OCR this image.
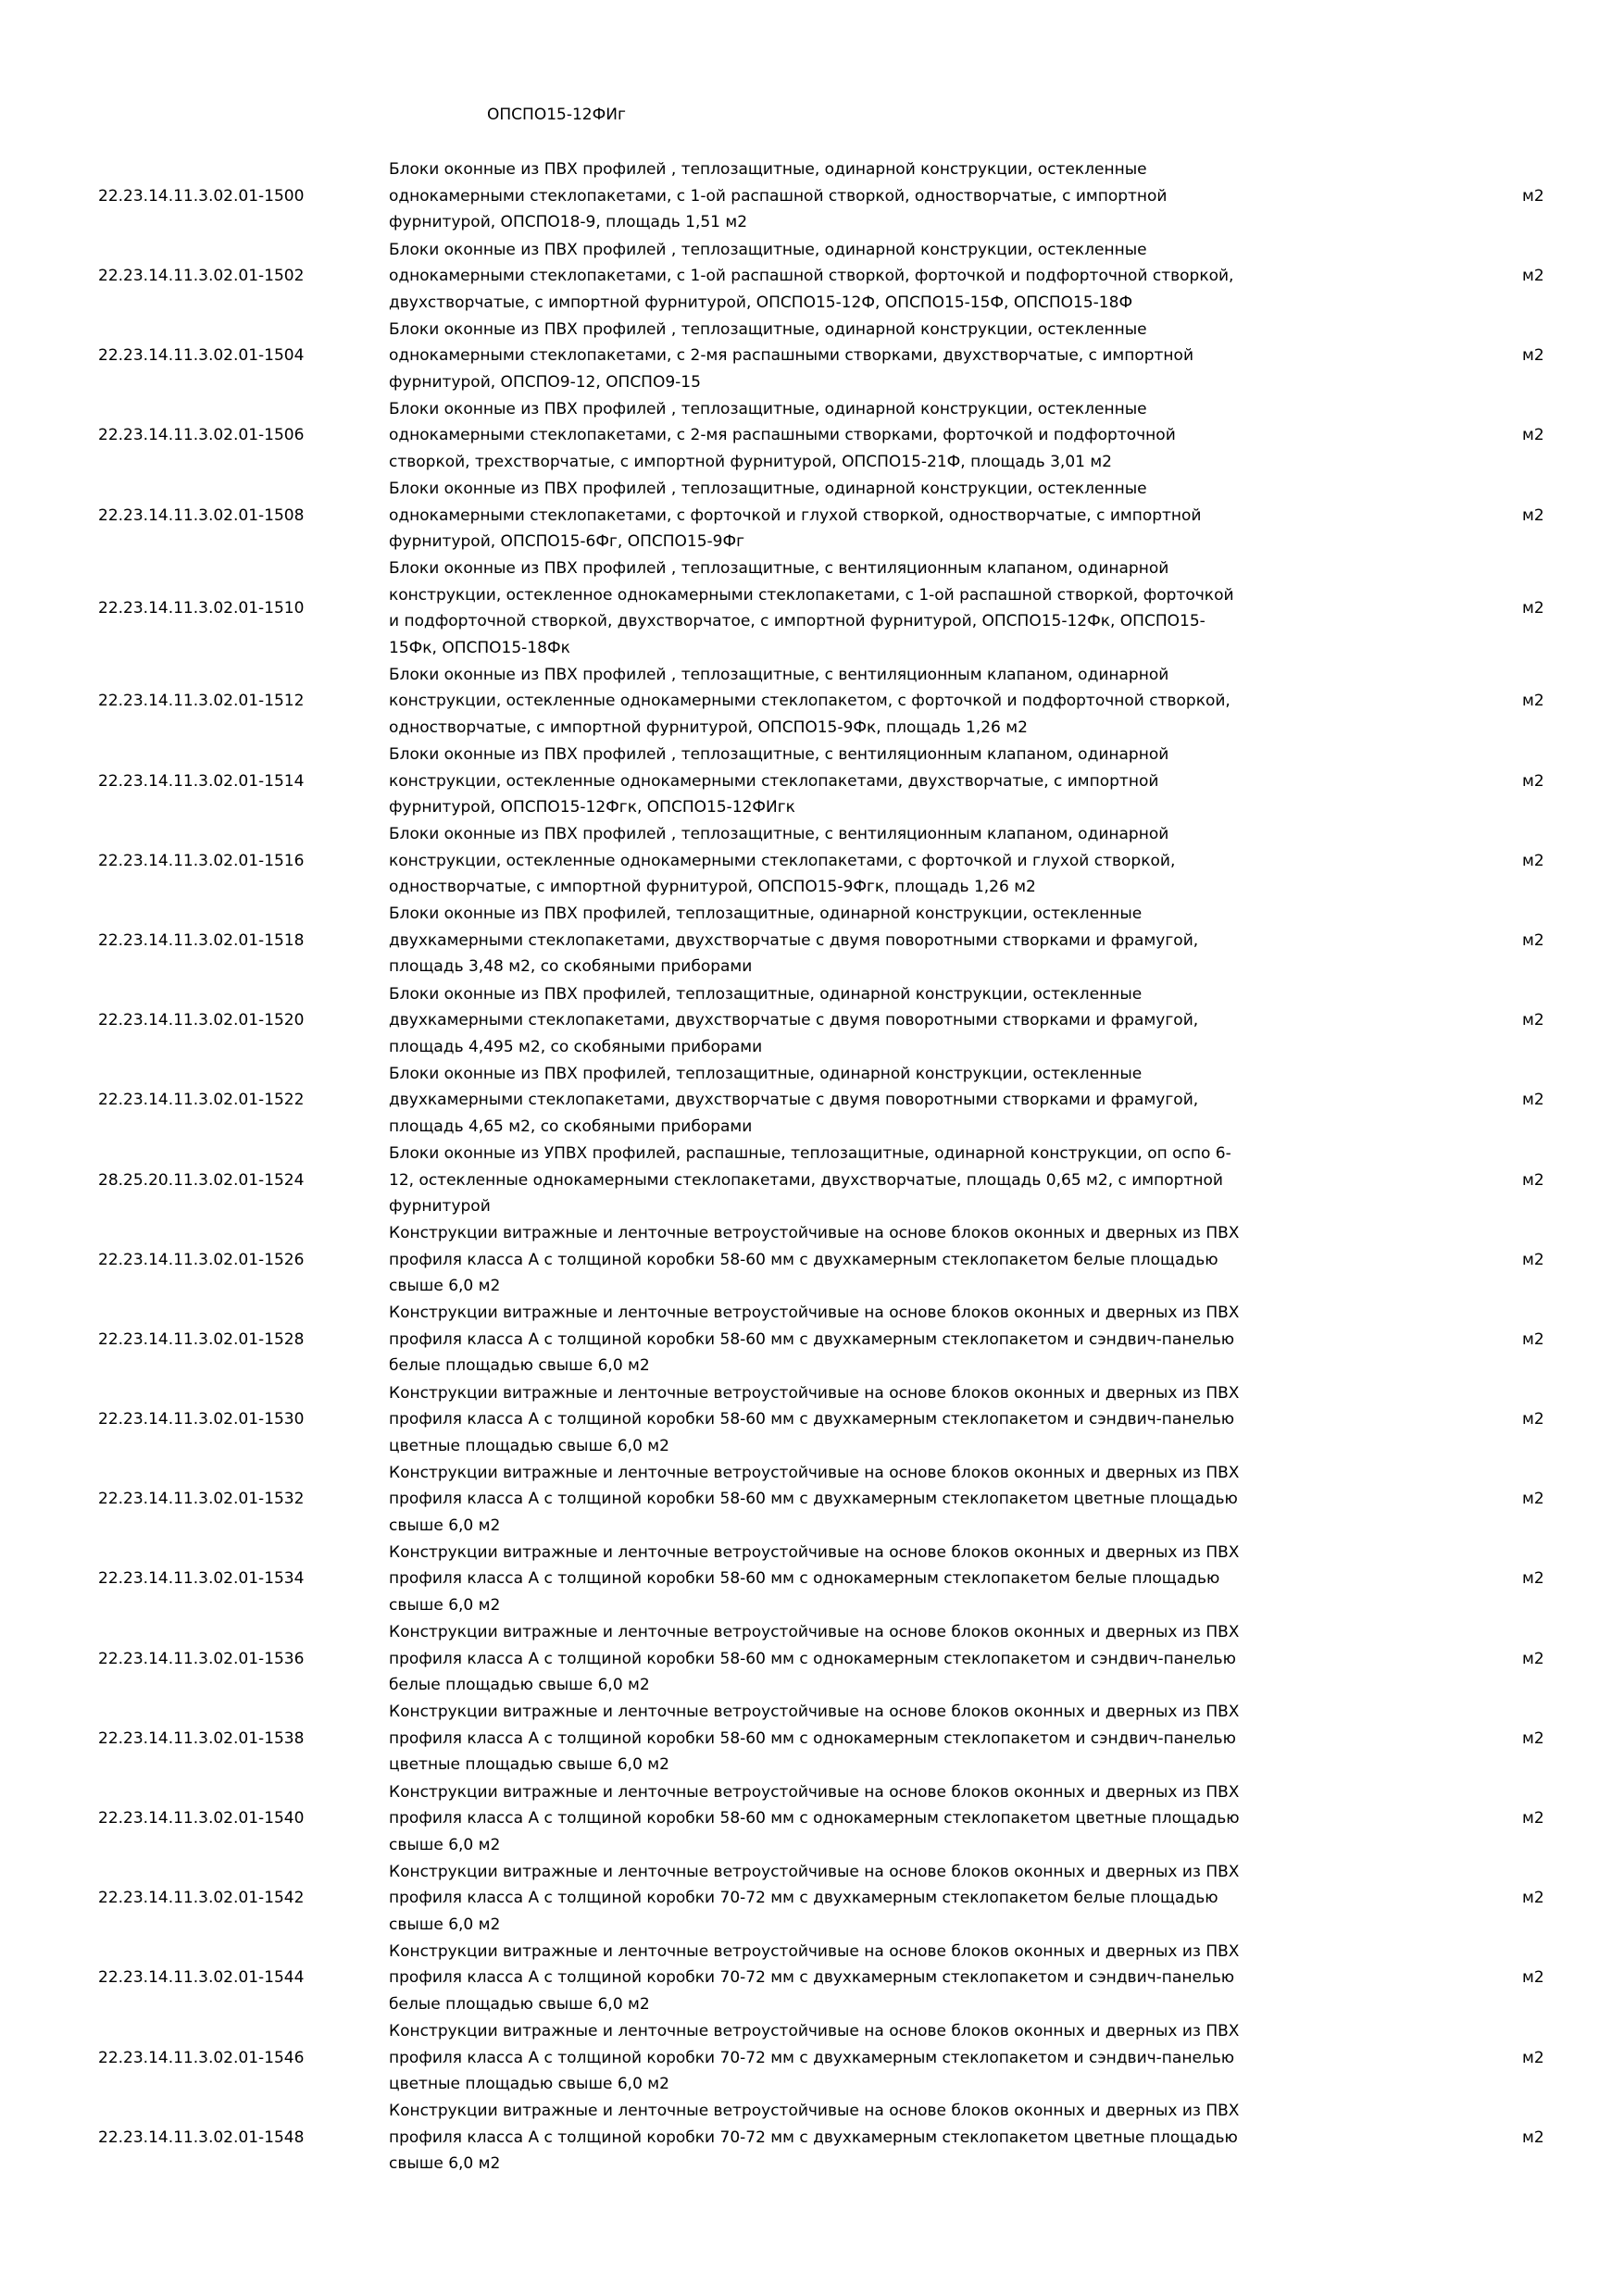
ОПСПО15-12ФИг
22.23.14.11.3.02.01-1500
Блоки оконные из ПВХ профилей , теплозащитные, одинарной конструкции, остекленные
однокамерными стеклопакетами, с 1-ой распашной створкой, одностворчатые, с импортной
фурнитурой, ОПСПО18-9, площадь 1,51 м2
м2
22.23.14.11.3.02.01-1502
Блоки оконные из ПВХ профилей , теплозащитные, одинарной конструкции, остекленные
однокамерными стеклопакетами, с 1-ой распашной створкой, форточкой и подфорточной створкой,
двухстворчатые, с импортной фурнитурой, ОПСПО15-12Ф, ОПСПО15-15Ф, ОПСПО15-18Ф
м2
22.23.14.11.3.02.01-1504
Блоки оконные из ПВХ профилей , теплозащитные, одинарной конструкции, остекленные
однокамерными стеклопакетами, с 2-мя распашными створками, двухстворчатые, с импортной
фурнитурой, ОПСПО9-12, ОПСПО9-15
м2
22.23.14.11.3.02.01-1506
Блоки оконные из ПВХ профилей , теплозащитные, одинарной конструкции, остекленные
однокамерными стеклопакетами, с 2-мя распашными створками, форточкой и подфорточной
створкой, трехстворчатые, с импортной фурнитурой, ОПСПО15-21Ф, площадь 3,01 м2
м2
22.23.14.11.3.02.01-1508
Блоки оконные из ПВХ профилей , теплозащитные, одинарной конструкции, остекленные
однокамерными стеклопакетами, с форточкой и глухой створкой, одностворчатые, с импортной
фурнитурой, ОПСПО15-6Фг, ОПСПО15-9Фг
м2
22.23.14.11.3.02.01-1510
Блоки оконные из ПВХ профилей , теплозащитные, с вентиляционным клапаном, одинарной
конструкции, остекленное однокамерными стеклопакетами, с 1-ой распашной створкой, форточкой
и подфорточной створкой, двухстворчатое, с импортной фурнитурой, ОПСПО15-12Фк, ОПСПО15-
15Фк, ОПСПО15-18Фк
м2
22.23.14.11.3.02.01-1512
Блоки оконные из ПВХ профилей , теплозащитные, с вентиляционным клапаном, одинарной
конструкции, остекленные однокамерными стеклопакетом, с форточкой и подфорточной створкой,
одностворчатые, с импортной фурнитурой, ОПСПО15-9Фк, площадь 1,26 м2
м2
22.23.14.11.3.02.01-1514
Блоки оконные из ПВХ профилей , теплозащитные, с вентиляционным клапаном, одинарной
конструкции, остекленные однокамерными стеклопакетами, двухстворчатые, с импортной
фурнитурой, ОПСПО15-12Фгк, ОПСПО15-12ФИгк
м2
22.23.14.11.3.02.01-1516
Блоки оконные из ПВХ профилей , теплозащитные, с вентиляционным клапаном, одинарной
конструкции, остекленные однокамерными стеклопакетами, с форточкой и глухой створкой,
одностворчатые, с импортной фурнитурой, ОПСПО15-9Фгк, площадь 1,26 м2
м2
22.23.14.11.3.02.01-1518
Блоки оконные из ПВХ профилей, теплозащитные, одинарной конструкции, остекленные
двухкамерными стеклопакетами, двухстворчатые с двумя поворотными створками и фрамугой,
площадь 3,48 м2, со скобяными приборами
м2
22.23.14.11.3.02.01-1520
Блоки оконные из ПВХ профилей, теплозащитные, одинарной конструкции, остекленные
двухкамерными стеклопакетами, двухстворчатые с двумя поворотными створками и фрамугой,
площадь 4,495 м2, со скобяными приборами
м2
22.23.14.11.3.02.01-1522
Блоки оконные из ПВХ профилей, теплозащитные, одинарной конструкции, остекленные
двухкамерными стеклопакетами, двухстворчатые с двумя поворотными створками и фрамугой,
площадь 4,65 м2, со скобяными приборами
м2
28.25.20.11.3.02.01-1524
Блоки оконные из УПВХ профилей, распашные, теплозащитные, одинарной конструкции, оп оспо 6-
12, остекленные однокамерными стеклопакетами, двухстворчатые, площадь 0,65 м2, с импортной
фурнитурой
м2
22.23.14.11.3.02.01-1526
Конструкции витражные и ленточные ветроустойчивые на основе блоков оконных и дверных из ПВХ
профиля класса А с толщиной коробки 58-60 мм с двухкамерным стеклопакетом белые площадью
свыше 6,0 м2
м2
22.23.14.11.3.02.01-1528
Конструкции витражные и ленточные ветроустойчивые на основе блоков оконных и дверных из ПВХ
профиля класса А с толщиной коробки 58-60 мм с двухкамерным стеклопакетом и сэндвич-панелью
белые площадью свыше 6,0 м2
м2
22.23.14.11.3.02.01-1530
Конструкции витражные и ленточные ветроустойчивые на основе блоков оконных и дверных из ПВХ
профиля класса А с толщиной коробки 58-60 мм с двухкамерным стеклопакетом и сэндвич-панелью
цветные площадью свыше 6,0 м2
м2
22.23.14.11.3.02.01-1532
Конструкции витражные и ленточные ветроустойчивые на основе блоков оконных и дверных из ПВХ
профиля класса А с толщиной коробки 58-60 мм с двухкамерным стеклопакетом цветные площадью
свыше 6,0 м2
м2
22.23.14.11.3.02.01-1534
Конструкции витражные и ленточные ветроустойчивые на основе блоков оконных и дверных из ПВХ
профиля класса А с толщиной коробки 58-60 мм с однокамерным стеклопакетом белые площадью
свыше 6,0 м2
м2
22.23.14.11.3.02.01-1536
Конструкции витражные и ленточные ветроустойчивые на основе блоков оконных и дверных из ПВХ
профиля класса А с толщиной коробки 58-60 мм с однокамерным стеклопакетом и сэндвич-панелью
белые площадью свыше 6,0 м2
м2
22.23.14.11.3.02.01-1538
Конструкции витражные и ленточные ветроустойчивые на основе блоков оконных и дверных из ПВХ
профиля класса А с толщиной коробки 58-60 мм с однокамерным стеклопакетом и сэндвич-панелью
цветные площадью свыше 6,0 м2
м2
22.23.14.11.3.02.01-1540
Конструкции витражные и ленточные ветроустойчивые на основе блоков оконных и дверных из ПВХ
профиля класса А с толщиной коробки 58-60 мм с однокамерным стеклопакетом цветные площадью
свыше 6,0 м2
м2
22.23.14.11.3.02.01-1542
Конструкции витражные и ленточные ветроустойчивые на основе блоков оконных и дверных из ПВХ
профиля класса А с толщиной коробки 70-72 мм с двухкамерным стеклопакетом белые площадью
свыше 6,0 м2
м2
22.23.14.11.3.02.01-1544
Конструкции витражные и ленточные ветроустойчивые на основе блоков оконных и дверных из ПВХ
профиля класса А с толщиной коробки 70-72 мм с двухкамерным стеклопакетом и сэндвич-панелью
белые площадью свыше 6,0 м2
м2
22.23.14.11.3.02.01-1546
Конструкции витражные и ленточные ветроустойчивые на основе блоков оконных и дверных из ПВХ
профиля класса А с толщиной коробки 70-72 мм с двухкамерным стеклопакетом и сэндвич-панелью
цветные площадью свыше 6,0 м2
м2
22.23.14.11.3.02.01-1548
Конструкции витражные и ленточные ветроустойчивые на основе блоков оконных и дверных из ПВХ
профиля класса А с толщиной коробки 70-72 мм с двухкамерным стеклопакетом цветные площадью
свыше 6,0 м2
м2
